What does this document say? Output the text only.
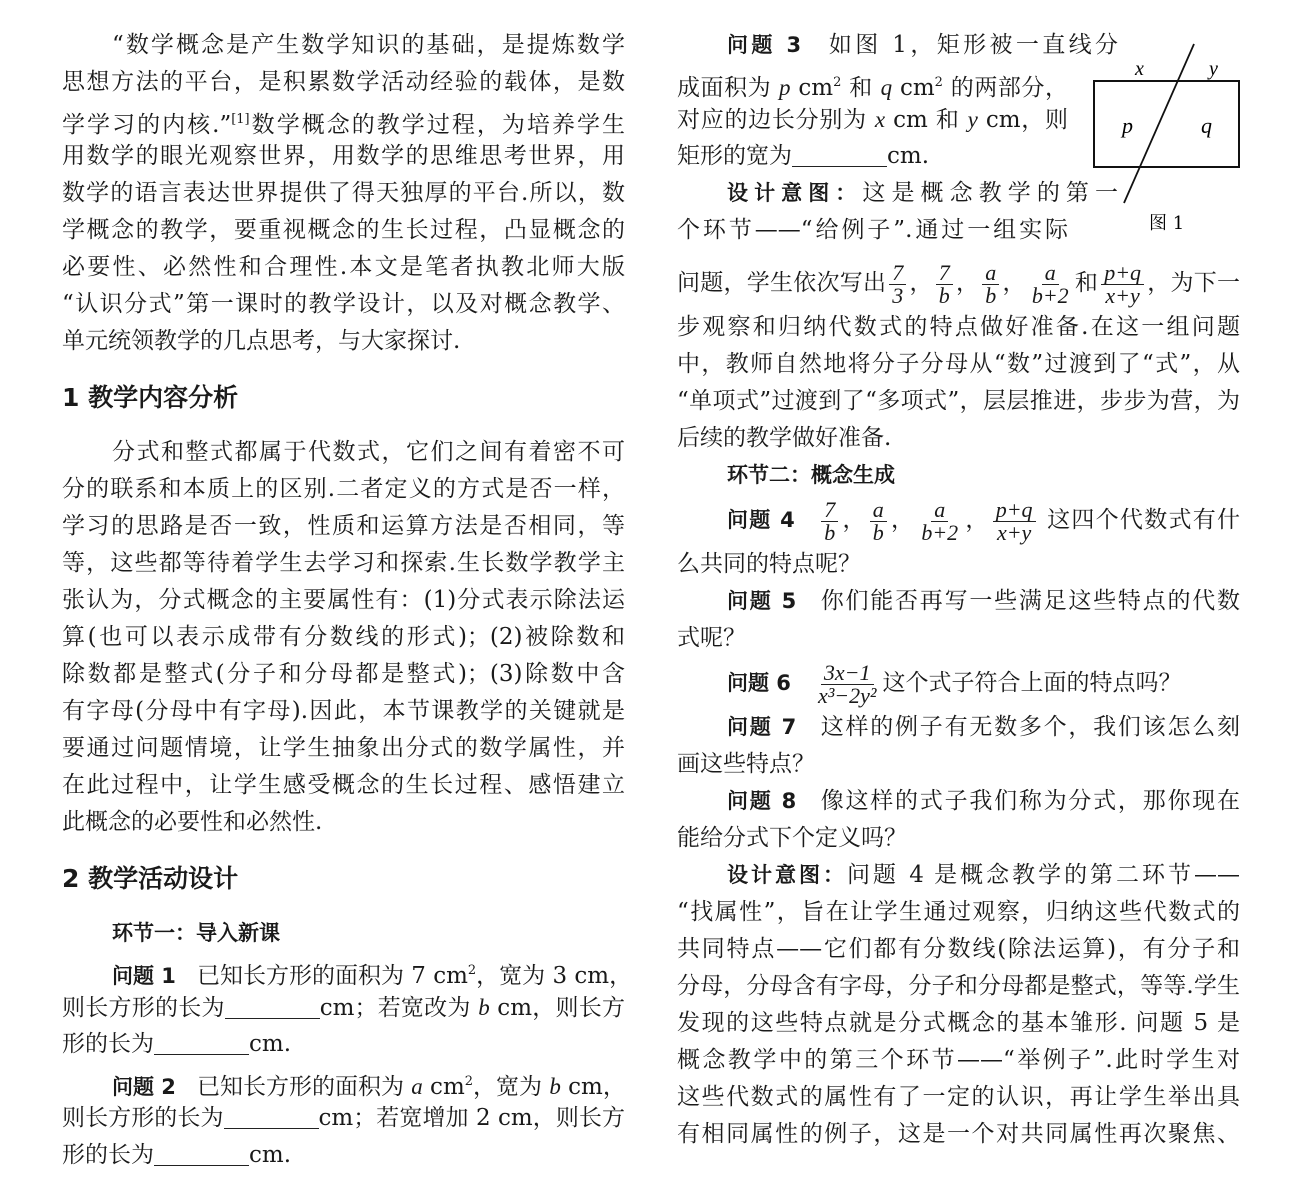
“数学概念是产生数学知识的基础，是提炼数学
思想方法的平台，是积累数学活动经验的载体，是数
学学习的内核.”[1]数学概念的教学过程，为培养学生
用数学的眼光观察世界，用数学的思维思考世界，用
数学的语言表达世界提供了得天独厚的平台.所以，数
学概念的教学，要重视概念的生长过程，凸显概念的
必要性、必然性和合理性.本文是笔者执教北师大版
“认识分式”第一课时的教学设计，以及对概念教学、
单元统领教学的几点思考，与大家探讨.
1 教学内容分析
分式和整式都属于代数式，它们之间有着密不可
分的联系和本质上的区别.二者定义的方式是否一样，
学习的思路是否一致，性质和运算方法是否相同，等
等，这些都等待着学生去学习和探索.生长数学教学主
张认为，分式概念的主要属性有：(1)分式表示除法运
算(也可以表示成带有分数线的形式)；(2)被除数和
除数都是整式(分子和分母都是整式)；(3)除数中含
有字母(分母中有字母).因此，本节课教学的关键就是
要通过问题情境，让学生抽象出分式的数学属性，并
在此过程中，让学生感受概念的生长过程、感悟建立
此概念的必要性和必然性.
2 教学活动设计
环节一：导入新课
问题 1　已知长方形的面积为 7 $cm^2$，宽为 3 cm，
则长方形的长为	cm；若宽改为 b cm，则长方
形的长为	cm.
问题 2　已知长方形的面积为 a $cm^2$，宽为 b cm，
则长方形的长为	cm；若宽增加 2 cm，则长方
形的长为	cm.
问题 3　如图 1，矩形被一直线分
成面积为 p $cm^2$ 和 q $cm^2$ 的两部分，
对应的边长分别为 x cm 和 y cm，则
矩形的宽为	cm.
设计意图：这是概念教学的第一
个环节——“给例子”.通过一组实际
问题，学生依次写出 $\frac{7}{3}$ ， $\frac{7}{b}$ ， $\frac{a}{b}$ ， $\frac{a}{b+2}$ 和 $\frac{p+q}{x+y}$ ，为下一
步观察和归纳代数式的特点做好准备.在这一组问题
中，教师自然地将分子分母从“数”过渡到了“式”，从
“单项式”过渡到了“多项式”，层层推进，步步为营，为
后续的教学做好准备.
环节二：概念生成
问题 4　 $\frac{7}{b}$ ， $\frac{a}{b}$ ， $\frac{a}{b+2}$ ， $\frac{p+q}{x+y}$ 这四个代数式有什
么共同的特点呢？
问题 5　你们能否再写一些满足这些特点的代数
式呢？
问题 6　 $\frac{3x-1}{\text{x³−2y²}}$ 这个式子符合上面的特点吗？
问题 7　这样的例子有无数多个，我们该怎么刻
画这些特点？
问题 8　像这样的式子我们称为分式，那你现在
能给分式下个定义吗？
设计意图：问题 4 是概念教学的第二环节——
“找属性”，旨在让学生通过观察，归纳这些代数式的
共同特点——它们都有分数线(除法运算)，有分子和
分母，分母含有字母，分子和分母都是整式，等等.学生
发现的这些特点就是分式概念的基本雏形. 问题 5 是
概念教学中的第三个环节——“举例子”.此时学生对
这些代数式的属性有了一定的认识，再让学生举出具
有相同属性的例子，这是一个对共同属性再次聚焦、
x	y
p	q
图 1
